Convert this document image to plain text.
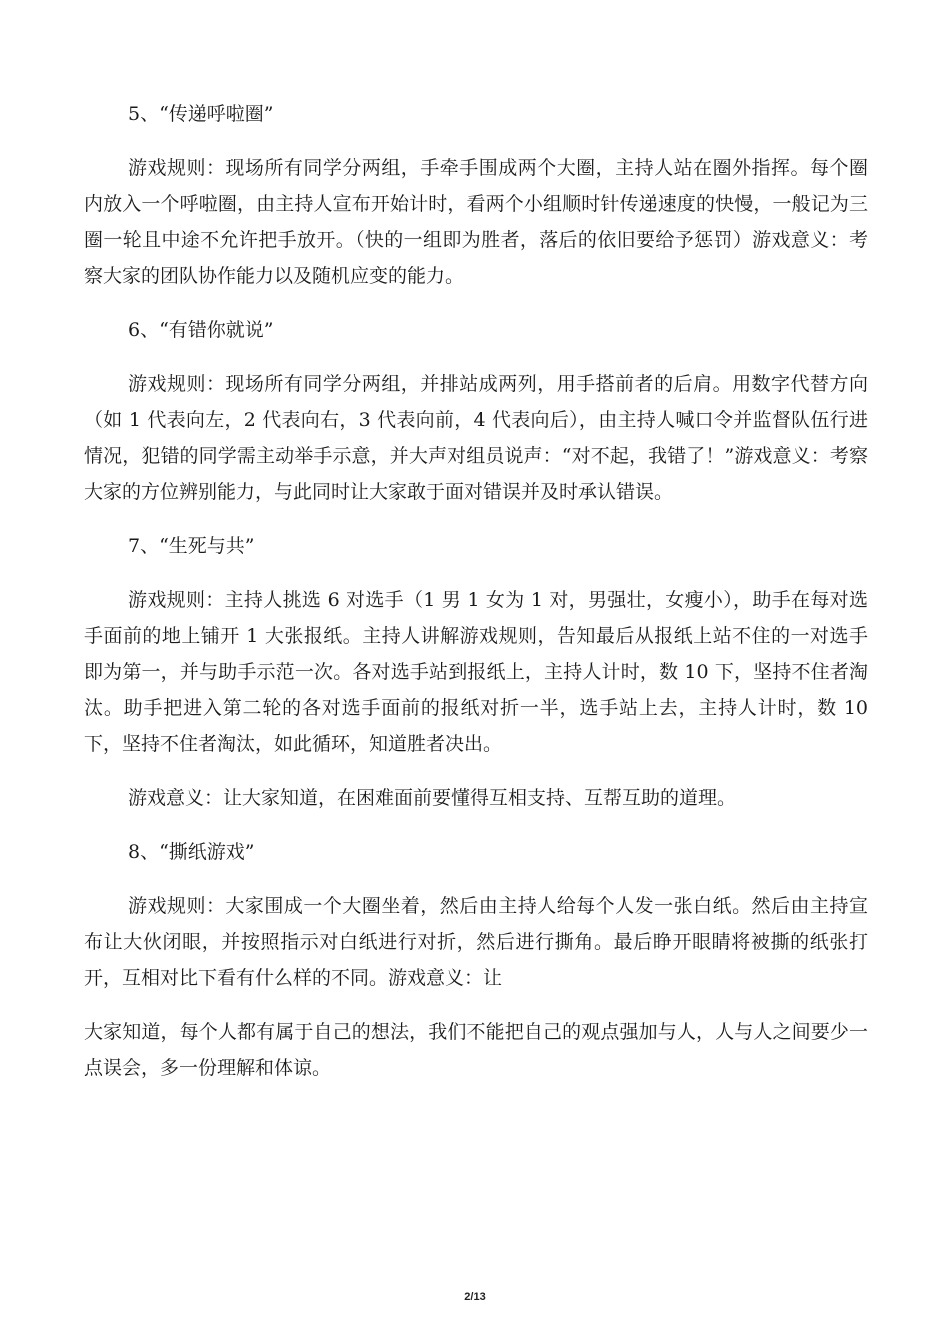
5、“传递呼啦圈”

游戏规则：现场所有同学分两组，手牵手围成两个大圈，主持人站在圈外指挥。每个圈内放入一个呼啦圈，由主持人宣布开始计时，看两个小组顺时针传递速度的快慢，一般记为三圈一轮且中途不允许把手放开。（快的一组即为胜者，落后的依旧要给予惩罚）游戏意义：考察大家的团队协作能力以及随机应变的能力。

6、“有错你就说”

游戏规则：现场所有同学分两组，并排站成两列，用手搭前者的后肩。用数字代替方向（如 1 代表向左，2 代表向右，3 代表向前，4 代表向后），由主持人喊口令并监督队伍行进情况，犯错的同学需主动举手示意，并大声对组员说声：“对不起，我错了！”游戏意义：考察大家的方位辨别能力，与此同时让大家敢于面对错误并及时承认错误。

7、“生死与共”

游戏规则：主持人挑选 6 对选手（1 男 1 女为 1 对，男强壮，女瘦小），助手在每对选手面前的地上铺开 1 大张报纸。主持人讲解游戏规则，告知最后从报纸上站不住的一对选手即为第一，并与助手示范一次。各对选手站到报纸上，主持人计时，数 10 下，坚持不住者淘汰。助手把进入第二轮的各对选手面前的报纸对折一半，选手站上去，主持人计时，数 10 下，坚持不住者淘汰，如此循环，知道胜者决出。

游戏意义：让大家知道，在困难面前要懂得互相支持、互帮互助的道理。

8、“撕纸游戏”

游戏规则：大家围成一个大圈坐着，然后由主持人给每个人发一张白纸。然后由主持宣布让大伙闭眼，并按照指示对白纸进行对折，然后进行撕角。最后睁开眼睛将被撕的纸张打开，互相对比下看有什么样的不同。游戏意义：让

大家知道，每个人都有属于自己的想法，我们不能把自己的观点强加与人，人与人之间要少一点误会，多一份理解和体谅。

2/13
